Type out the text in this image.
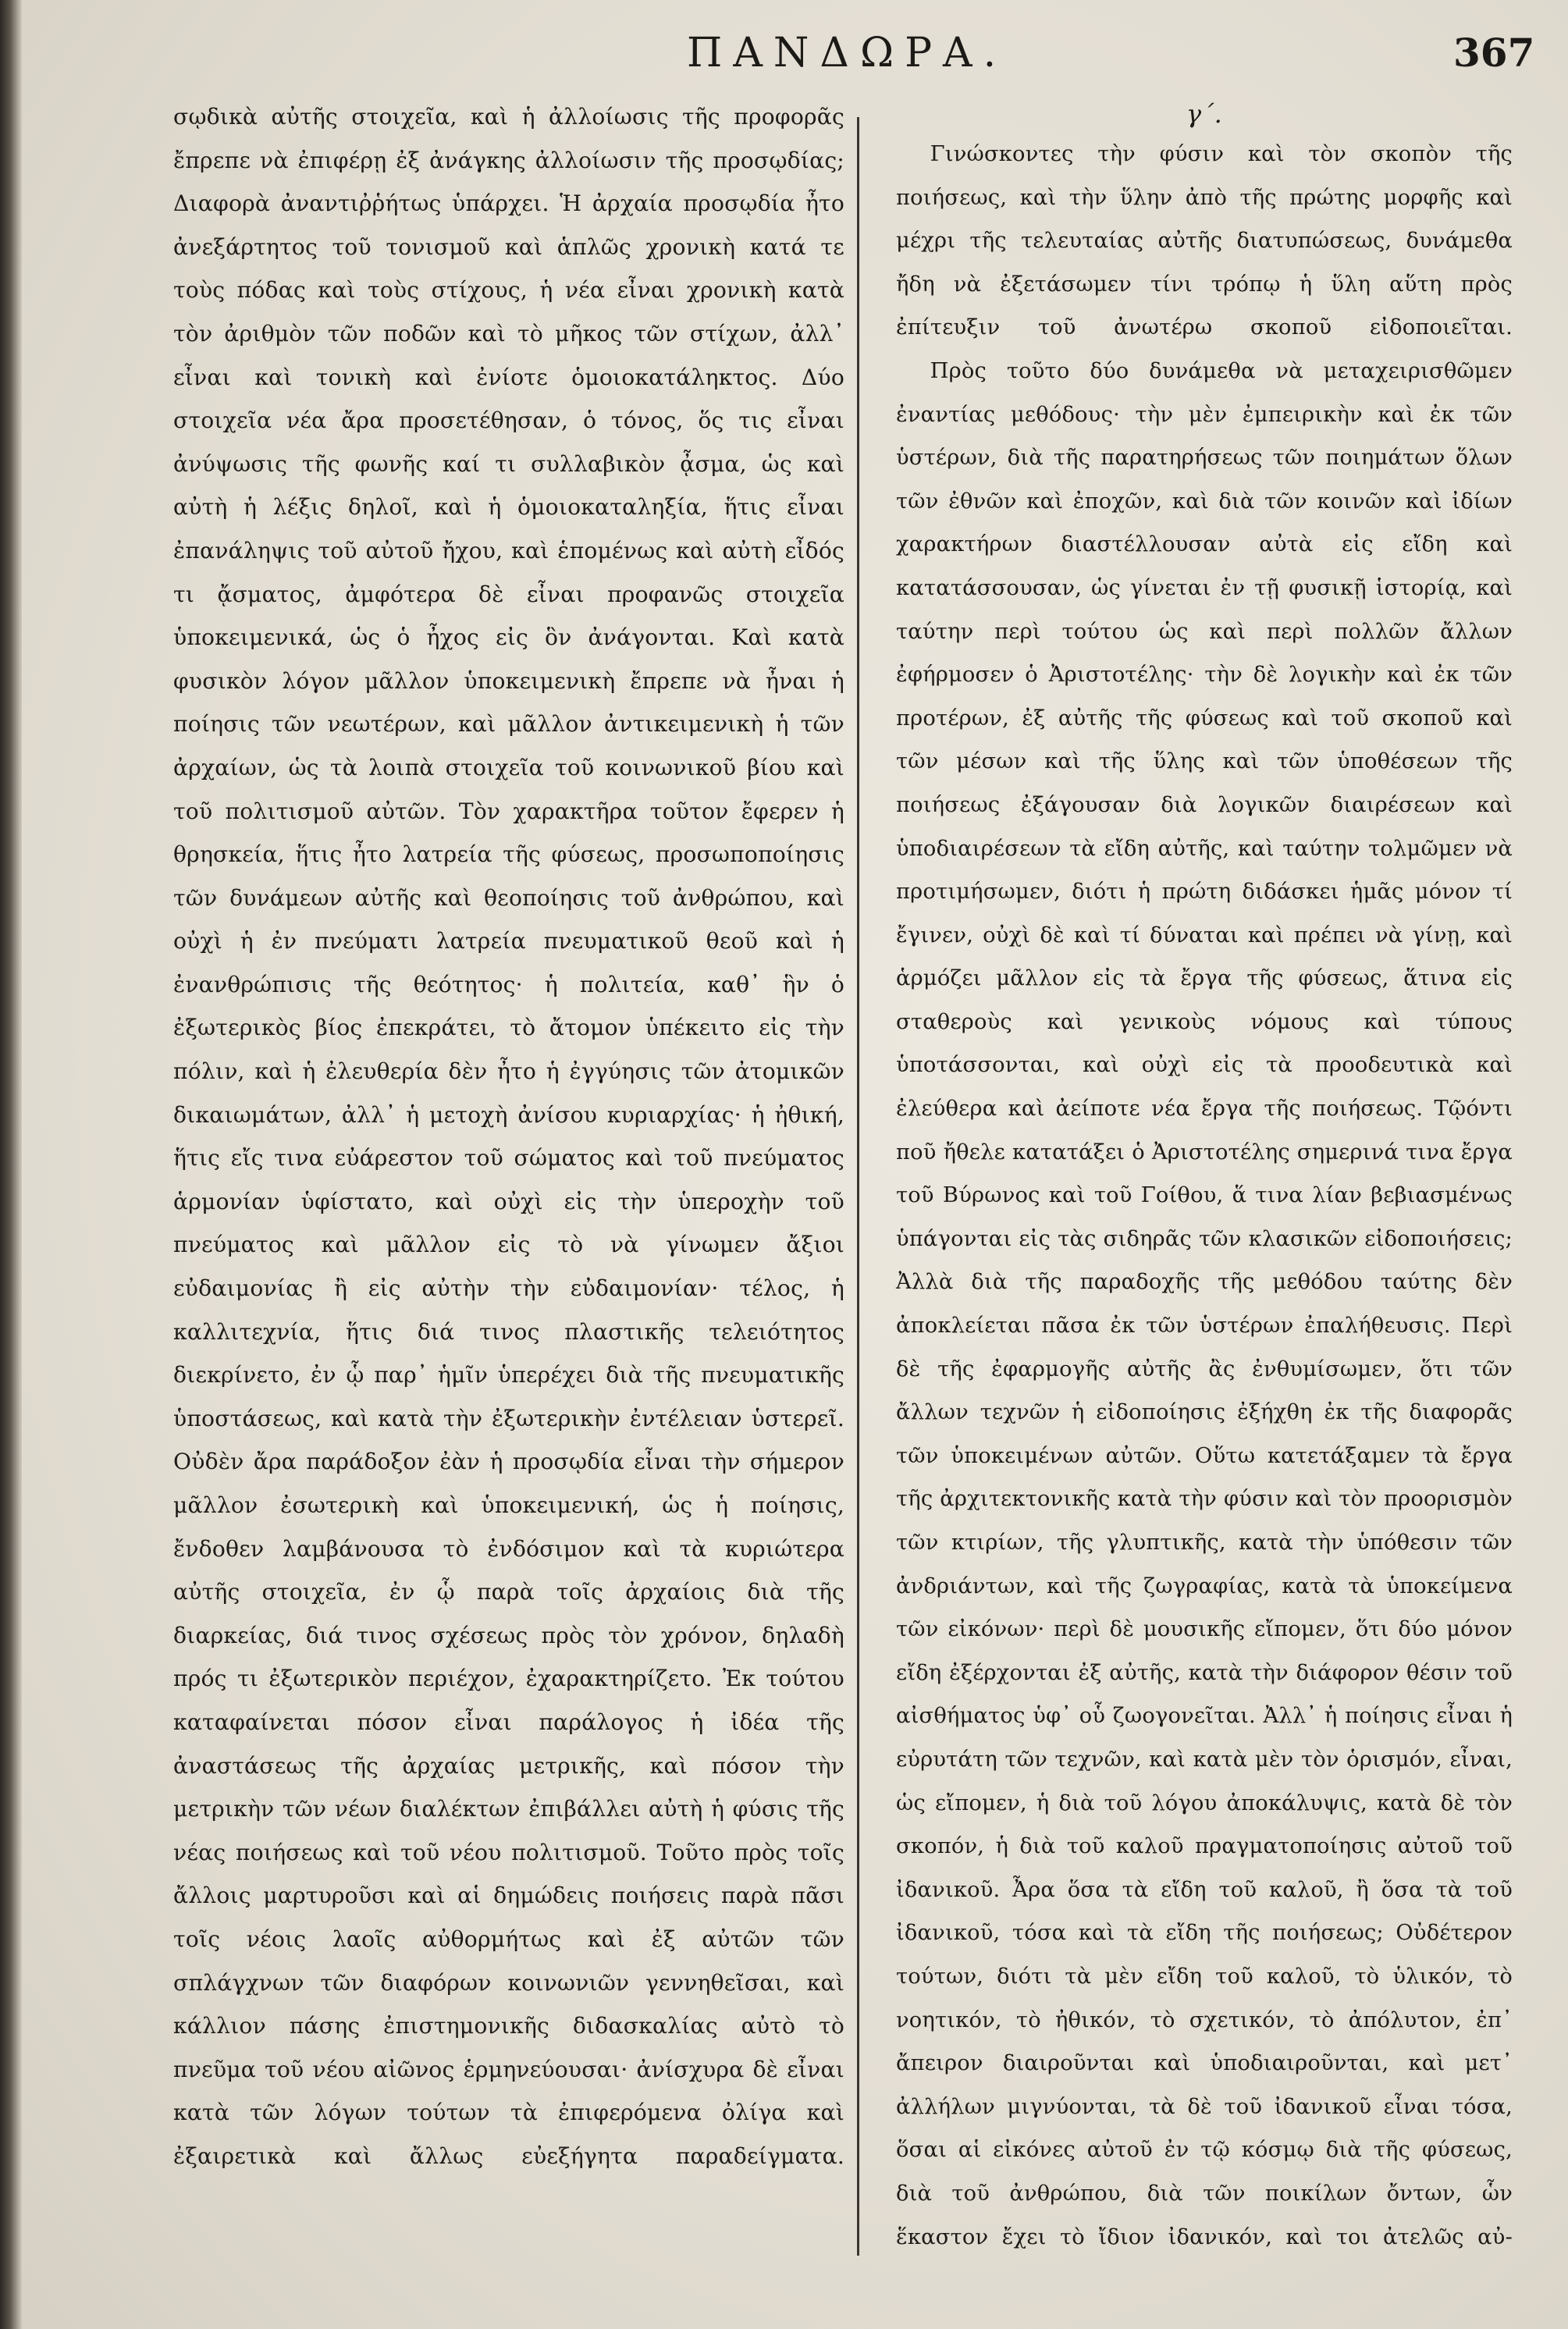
ΠΑΝΔΩΡΑ.	367

σῳδικὰ αὐτῆς στοιχεῖα, καὶ ἡ ἀλλοίωσις τῆς προφορᾶς ἔπρεπε νὰ ἐπιφέρῃ ἐξ ἀνάγκης ἀλλοίωσιν τῆς προσῳδίας; Διαφορὰ ἀναντιῤῥήτως ὑπάρχει. Ἡ ἀρχαία προσῳδία ἦτο ἀνεξάρτητος τοῦ τονισμοῦ καὶ ἁπλῶς χρονικὴ κατά τε τοὺς πόδας καὶ τοὺς στίχους, ἡ νέα εἶναι χρονικὴ κατὰ τὸν ἀριθμὸν τῶν ποδῶν καὶ τὸ μῆκος τῶν στίχων, ἀλλ᾽ εἶναι καὶ τονικὴ καὶ ἐνίοτε ὁμοιοκατάληκτος. Δύο στοιχεῖα νέα ἄρα προσετέθησαν, ὁ τόνος, ὅς τις εἶναι ἀνύψωσις τῆς φωνῆς καί τι συλλαβικὸν ᾆσμα, ὡς καὶ αὐτὴ ἡ λέξις δηλοῖ, καὶ ἡ ὁμοιοκαταληξία, ἥτις εἶναι ἐπανάληψις τοῦ αὐτοῦ ἤχου, καὶ ἑπομένως καὶ αὐτὴ εἶδός τι ᾄσματος, ἀμφότερα δὲ εἶναι προφανῶς στοιχεῖα ὑποκειμενικά, ὡς ὁ ἦχος εἰς ὃν ἀνάγονται. Καὶ κατὰ φυσικὸν λόγον μᾶλλον ὑποκειμενικὴ ἔπρεπε νὰ ἦναι ἡ ποίησις τῶν νεωτέρων, καὶ μᾶλλον ἀντικειμενικὴ ἡ τῶν ἀρχαίων, ὡς τὰ λοιπὰ στοιχεῖα τοῦ κοινωνικοῦ βίου καὶ τοῦ πολιτισμοῦ αὐτῶν. Τὸν χαρακτῆρα τοῦτον ἔφερεν ἡ θρησκεία, ἥτις ἦτο λατρεία τῆς φύσεως, προσωποποίησις τῶν δυνάμεων αὐτῆς καὶ θεοποίησις τοῦ ἀνθρώπου, καὶ οὐχὶ ἡ ἐν πνεύματι λατρεία πνευματικοῦ θεοῦ καὶ ἡ ἐνανθρώπισις τῆς θεότητος· ἡ πολιτεία, καθ᾽ ἣν ὁ ἐξωτερικὸς βίος ἐπεκράτει, τὸ ἄτομον ὑπέκειτο εἰς τὴν πόλιν, καὶ ἡ ἐλευθερία δὲν ἦτο ἡ ἐγγύησις τῶν ἀτομικῶν δικαιωμάτων, ἀλλ᾽ ἡ μετοχὴ ἀνίσου κυριαρχίας· ἡ ἠθική, ἥτις εἴς τινα εὐάρεστον τοῦ σώματος καὶ τοῦ πνεύματος ἁρμονίαν ὑφίστατο, καὶ οὐχὶ εἰς τὴν ὑπεροχὴν τοῦ πνεύματος καὶ μᾶλλον εἰς τὸ νὰ γίνωμεν ἄξιοι εὐδαιμονίας ἢ εἰς αὐτὴν τὴν εὐδαιμονίαν· τέλος, ἡ καλλιτεχνία, ἥτις διά τινος πλαστικῆς τελειότητος διεκρίνετο, ἐν ᾧ παρ᾽ ἡμῖν ὑπερέχει διὰ τῆς πνευματικῆς ὑποστάσεως, καὶ κατὰ τὴν ἐξωτερικὴν ἐντέλειαν ὑστερεῖ. Οὐδὲν ἄρα παράδοξον ἐὰν ἡ προσῳδία εἶναι τὴν σήμερον μᾶλλον ἐσωτερικὴ καὶ ὑποκειμενική, ὡς ἡ ποίησις, ἔνδοθεν λαμβάνουσα τὸ ἐνδόσιμον καὶ τὰ κυριώτερα αὐτῆς στοιχεῖα, ἐν ᾧ παρὰ τοῖς ἀρχαίοις διὰ τῆς διαρκείας, διά τινος σχέσεως πρὸς τὸν χρόνον, δηλαδὴ πρός τι ἐξωτερικὸν περιέχον, ἐχαρακτηρίζετο. Ἐκ τούτου καταφαίνεται πόσον εἶναι παράλογος ἡ ἰδέα τῆς ἀναστάσεως τῆς ἀρχαίας μετρικῆς, καὶ πόσον τὴν μετρικὴν τῶν νέων διαλέκτων ἐπιβάλλει αὐτὴ ἡ φύσις τῆς νέας ποιήσεως καὶ τοῦ νέου πολιτισμοῦ. Τοῦτο πρὸς τοῖς ἄλλοις μαρτυροῦσι καὶ αἱ δημώδεις ποιήσεις παρὰ πᾶσι τοῖς νέοις λαοῖς αὐθορμήτως καὶ ἐξ αὐτῶν τῶν σπλάγχνων τῶν διαφόρων κοινωνιῶν γεννηθεῖσαι, καὶ κάλλιον πάσης ἐπιστημονικῆς διδασκαλίας αὐτὸ τὸ πνεῦμα τοῦ νέου αἰῶνος ἑρμηνεύουσαι· ἀνίσχυρα δὲ εἶναι κατὰ τῶν λόγων τούτων τὰ ἐπιφερόμενα ὀλίγα καὶ ἐξαιρετικὰ καὶ ἄλλως εὐεξήγητα παραδείγματα.

γ΄.

Γινώσκοντες τὴν φύσιν καὶ τὸν σκοπὸν τῆς ποιήσεως, καὶ τὴν ὕλην ἀπὸ τῆς πρώτης μορφῆς καὶ μέχρι τῆς τελευταίας αὐτῆς διατυπώσεως, δυνάμεθα ἤδη νὰ ἐξετάσωμεν τίνι τρόπῳ ἡ ὕλη αὕτη πρὸς ἐπίτευξιν τοῦ ἀνωτέρω σκοποῦ εἰδοποιεῖται.

Πρὸς τοῦτο δύο δυνάμεθα νὰ μεταχειρισθῶμεν ἐναντίας μεθόδους· τὴν μὲν ἐμπειρικὴν καὶ ἐκ τῶν ὑστέρων, διὰ τῆς παρατηρήσεως τῶν ποιημάτων ὅλων τῶν ἐθνῶν καὶ ἐποχῶν, καὶ διὰ τῶν κοινῶν καὶ ἰδίων χαρακτήρων διαστέλλουσαν αὐτὰ εἰς εἴδη καὶ κατατάσσουσαν, ὡς γίνεται ἐν τῇ φυσικῇ ἱστορίᾳ, καὶ ταύτην περὶ τούτου ὡς καὶ περὶ πολλῶν ἄλλων ἐφήρμοσεν ὁ Ἀριστοτέλης· τὴν δὲ λογικὴν καὶ ἐκ τῶν προτέρων, ἐξ αὐτῆς τῆς φύσεως καὶ τοῦ σκοποῦ καὶ τῶν μέσων καὶ τῆς ὕλης καὶ τῶν ὑποθέσεων τῆς ποιήσεως ἐξάγουσαν διὰ λογικῶν διαιρέσεων καὶ ὑποδιαιρέσεων τὰ εἴδη αὐτῆς, καὶ ταύτην τολμῶμεν νὰ προτιμήσωμεν, διότι ἡ πρώτη διδάσκει ἡμᾶς μόνον τί ἔγινεν, οὐχὶ δὲ καὶ τί δύναται καὶ πρέπει νὰ γίνῃ, καὶ ἁρμόζει μᾶλλον εἰς τὰ ἔργα τῆς φύσεως, ἅτινα εἰς σταθεροὺς καὶ γενικοὺς νόμους καὶ τύπους ὑποτάσσονται, καὶ οὐχὶ εἰς τὰ προοδευτικὰ καὶ ἐλεύθερα καὶ ἀείποτε νέα ἔργα τῆς ποιήσεως. Τῷόντι ποῦ ἤθελε κατατάξει ὁ Ἀριστοτέλης σημερινά τινα ἔργα τοῦ Βύρωνος καὶ τοῦ Γοίθου, ἅ τινα λίαν βεβιασμένως ὑπάγονται εἰς τὰς σιδηρᾶς τῶν κλασικῶν εἰδοποιήσεις; Ἀλλὰ διὰ τῆς παραδοχῆς τῆς μεθόδου ταύτης δὲν ἀποκλείεται πᾶσα ἐκ τῶν ὑστέρων ἐπαλήθευσις. Περὶ δὲ τῆς ἐφαρμογῆς αὐτῆς ἂς ἐνθυμίσωμεν, ὅτι τῶν ἄλλων τεχνῶν ἡ εἰδοποίησις ἐξήχθη ἐκ τῆς διαφορᾶς τῶν ὑποκειμένων αὐτῶν. Οὕτω κατετάξαμεν τὰ ἔργα τῆς ἀρχιτεκτονικῆς κατὰ τὴν φύσιν καὶ τὸν προορισμὸν τῶν κτιρίων, τῆς γλυπτικῆς, κατὰ τὴν ὑπόθεσιν τῶν ἀνδριάντων, καὶ τῆς ζωγραφίας, κατὰ τὰ ὑποκείμενα τῶν εἰκόνων· περὶ δὲ μουσικῆς εἴπομεν, ὅτι δύο μόνον εἴδη ἐξέρχονται ἐξ αὐτῆς, κατὰ τὴν διάφορον θέσιν τοῦ αἰσθήματος ὑφ᾽ οὗ ζωογονεῖται. Ἀλλ᾽ ἡ ποίησις εἶναι ἡ εὐρυτάτη τῶν τεχνῶν, καὶ κατὰ μὲν τὸν ὁρισμόν, εἶναι, ὡς εἴπομεν, ἡ διὰ τοῦ λόγου ἀποκάλυψις, κατὰ δὲ τὸν σκοπόν, ἡ διὰ τοῦ καλοῦ πραγματοποίησις αὐτοῦ τοῦ ἰδανικοῦ. Ἆρα ὅσα τὰ εἴδη τοῦ καλοῦ, ἢ ὅσα τὰ τοῦ ἰδανικοῦ, τόσα καὶ τὰ εἴδη τῆς ποιήσεως; Οὐδέτερον τούτων, διότι τὰ μὲν εἴδη τοῦ καλοῦ, τὸ ὑλικόν, τὸ νοητικόν, τὸ ἠθικόν, τὸ σχετικόν, τὸ ἀπόλυτον, ἐπ᾽ ἄπειρον διαιροῦνται καὶ ὑποδιαιροῦνται, καὶ μετ᾽ ἀλλήλων μιγνύονται, τὰ δὲ τοῦ ἰδανικοῦ εἶναι τόσα, ὅσαι αἱ εἰκόνες αὐτοῦ ἐν τῷ κόσμῳ διὰ τῆς φύσεως, διὰ τοῦ ἀνθρώπου, διὰ τῶν ποικίλων ὄντων, ὧν ἕκαστον ἔχει τὸ ἴδιον ἰδανικόν, καὶ τοι ἀτελῶς αὐ-
